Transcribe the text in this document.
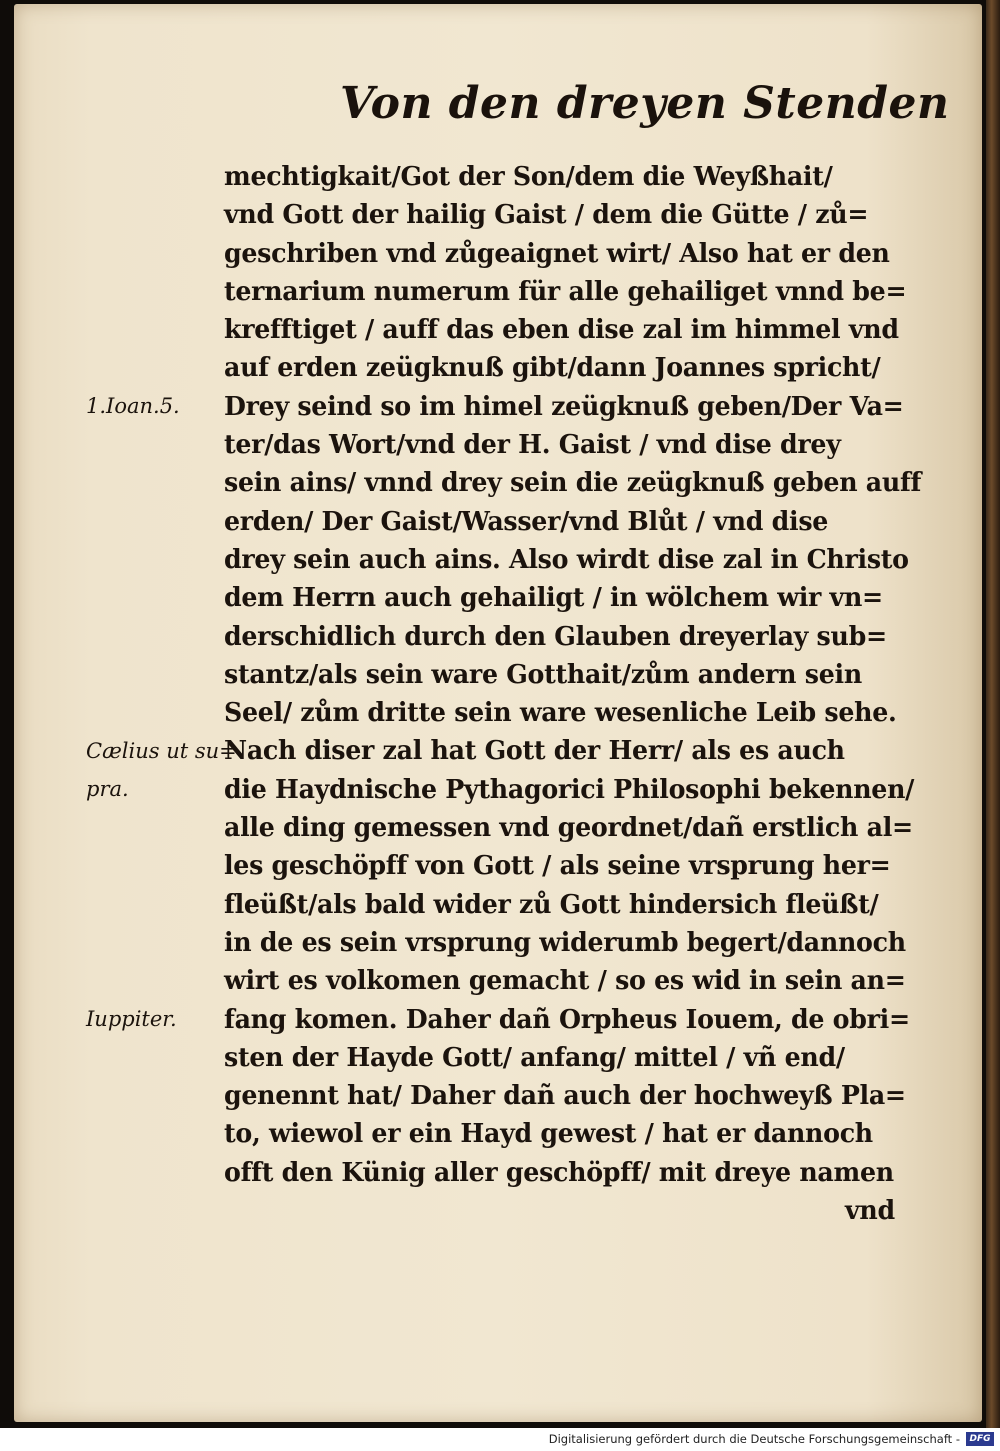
Von den dreyen Stenden
mechtigkait/Got der Son/dem die Weyßhait/
vnd Gott der hailig Gaist / dem die Gütte / zů=
geschriben vnd zůgeaignet wirt/ Also hat er den
ternarium numerum für alle gehailiget vnnd be=
krefftiget / auff das eben dise zal im himmel vnd
auf erden zeügknuß gibt/dann Joannes spricht/
Drey seind so im himel zeügknuß geben/Der Va=
ter/das Wort/vnd der H. Gaist / vnd dise drey
sein ains/ vnnd drey sein die zeügknuß geben auff
erden/ Der Gaist/Wasser/vnd Blůt / vnd dise
drey sein auch ains. Also wirdt dise zal in Christo
dem Herrn auch gehailigt / in wölchem wir vn=
derschidlich durch den Glauben dreyerlay sub=
stantz/als sein ware Gotthait/zům andern sein
Seel/ zům dritte sein ware wesenliche Leib sehe.
Nach diser zal hat Gott der Herr/ als es auch
die Haydnische Pythagorici Philosophi bekennen/
alle ding gemessen vnd geordnet/dañ erstlich al=
les geschöpff von Gott / als seine vrsprung her=
fleüßt/als bald wider zů Gott hindersich fleüßt/
in de es sein vrsprung widerumb begert/dannoch
wirt es volkomen gemacht / so es wid in sein an=
fang komen. Daher dañ Orpheus Iouem, de obri=
sten der Hayde Gott/ anfang/ mittel / vñ end/
genennt hat/ Daher dañ auch der hochweyß Pla=
to, wiewol er ein Hayd gewest / hat er dannoch
offt den Künig aller geschöpff/ mit dreye namen
vnd
1.Ioan.5.
Cælius ut su=
pra.
Iuppiter.
Digitalisierung gefördert durch die Deutsche Forschungsgemeinschaft -	DFG
